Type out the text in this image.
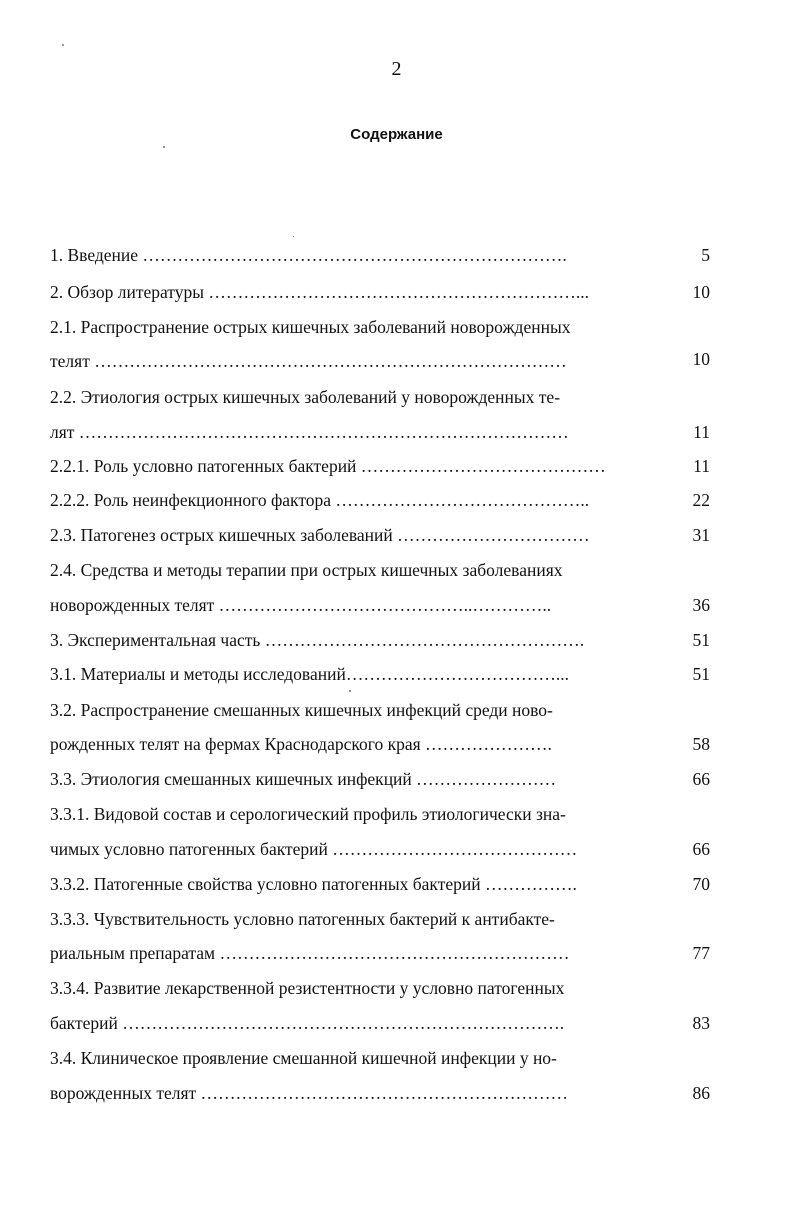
2
Содержание
1. Введение ……………………………………………………………….	5
2. Обзор литературы ………………………………………………………...	10
2.1. Распространение острых кишечных заболеваний новорожденных
телят ………………………………………………………………………	10
2.2. Этиология острых кишечных заболеваний у новорожденных те-
лят …………………………………………………………………………	11
2.2.1. Роль условно патогенных бактерий ……………………………………	11
2.2.2. Роль неинфекционного фактора ……………………………………..	22
2.3. Патогенез острых кишечных заболеваний ……………………………	31
2.4. Средства и методы терапии при острых кишечных заболеваниях
новорожденных телят ……………………………………..…………..	36
3. Экспериментальная часть ……………………………………………….	51
3.1. Материалы и методы исследований………………………………...	51
3.2. Распространение смешанных кишечных инфекций среди ново-
рожденных телят на фермах Краснодарского края ………………….	58
3.3. Этиология смешанных кишечных инфекций ……………………	66
3.3.1. Видовой состав и серологический профиль этиологически зна-
чимых условно патогенных бактерий ……………………………………	66
3.3.2. Патогенные свойства условно патогенных бактерий …………….	70
3.3.3. Чувствительность условно патогенных бактерий к антибакте-
риальным препаратам ……………………………………………………	77
3.3.4. Развитие лекарственной резистентности у условно патогенных
бактерий ………………………………………………………………….	83
3.4. Клиническое проявление смешанной кишечной инфекции у но-
ворожденных телят ………………………………………………………	86
